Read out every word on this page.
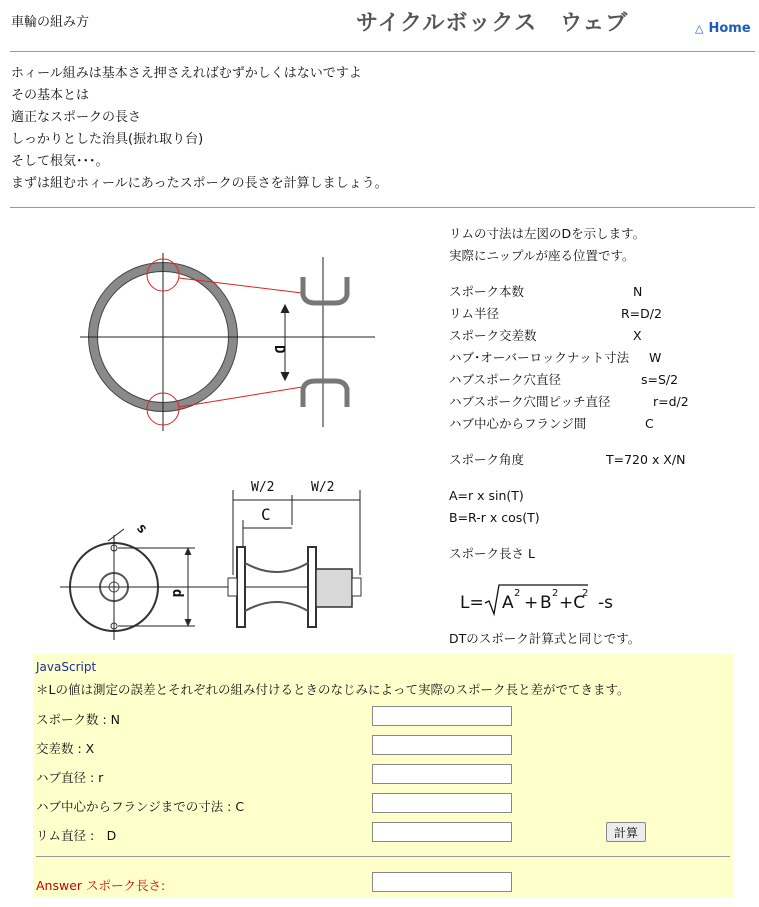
車輪の組み方	サイクルボックス　ウェブ	△ Home

ホィール組みは基本さえ押さえればむずかしくはないですよ

その基本とは

適正なスポークの長さ

しっかりとした治具(振れ取り台)

そして根気･･･。

まずは組むホィールにあったスポークの長さを計算しましょう。

D
s
d
W/2	W/2
C
リムの寸法は左図のDを示します。
実際にニップルが座る位置です。
スポーク本数	N
リム半径	R=D/2
スポーク交差数	X
ハブ･オーバーロックナット寸法 W
ハブスポーク穴直径	s=S/2
ハブスポーク穴間ピッチ直径	r=d/2
ハブ中心からフランジ間	C
スポーク角度	T=720 x X/N
A=r x sin(T)
B=R-r x cos(T)
スポーク長さ L
L= A 2 + B 2 +C
2 -s
DTのスポーク計算式と同じです。
JavaScript
＊Lの値は測定の誤差とそれぞれの組み付けるときのなじみによって実際のスポーク長と差がでてきます。
スポーク数 : N
交差数 : X
ハブ直径 : r
ハブ中心からフランジまでの寸法 : C
リム直径 :　D	計算
Answer スポーク長さ:
